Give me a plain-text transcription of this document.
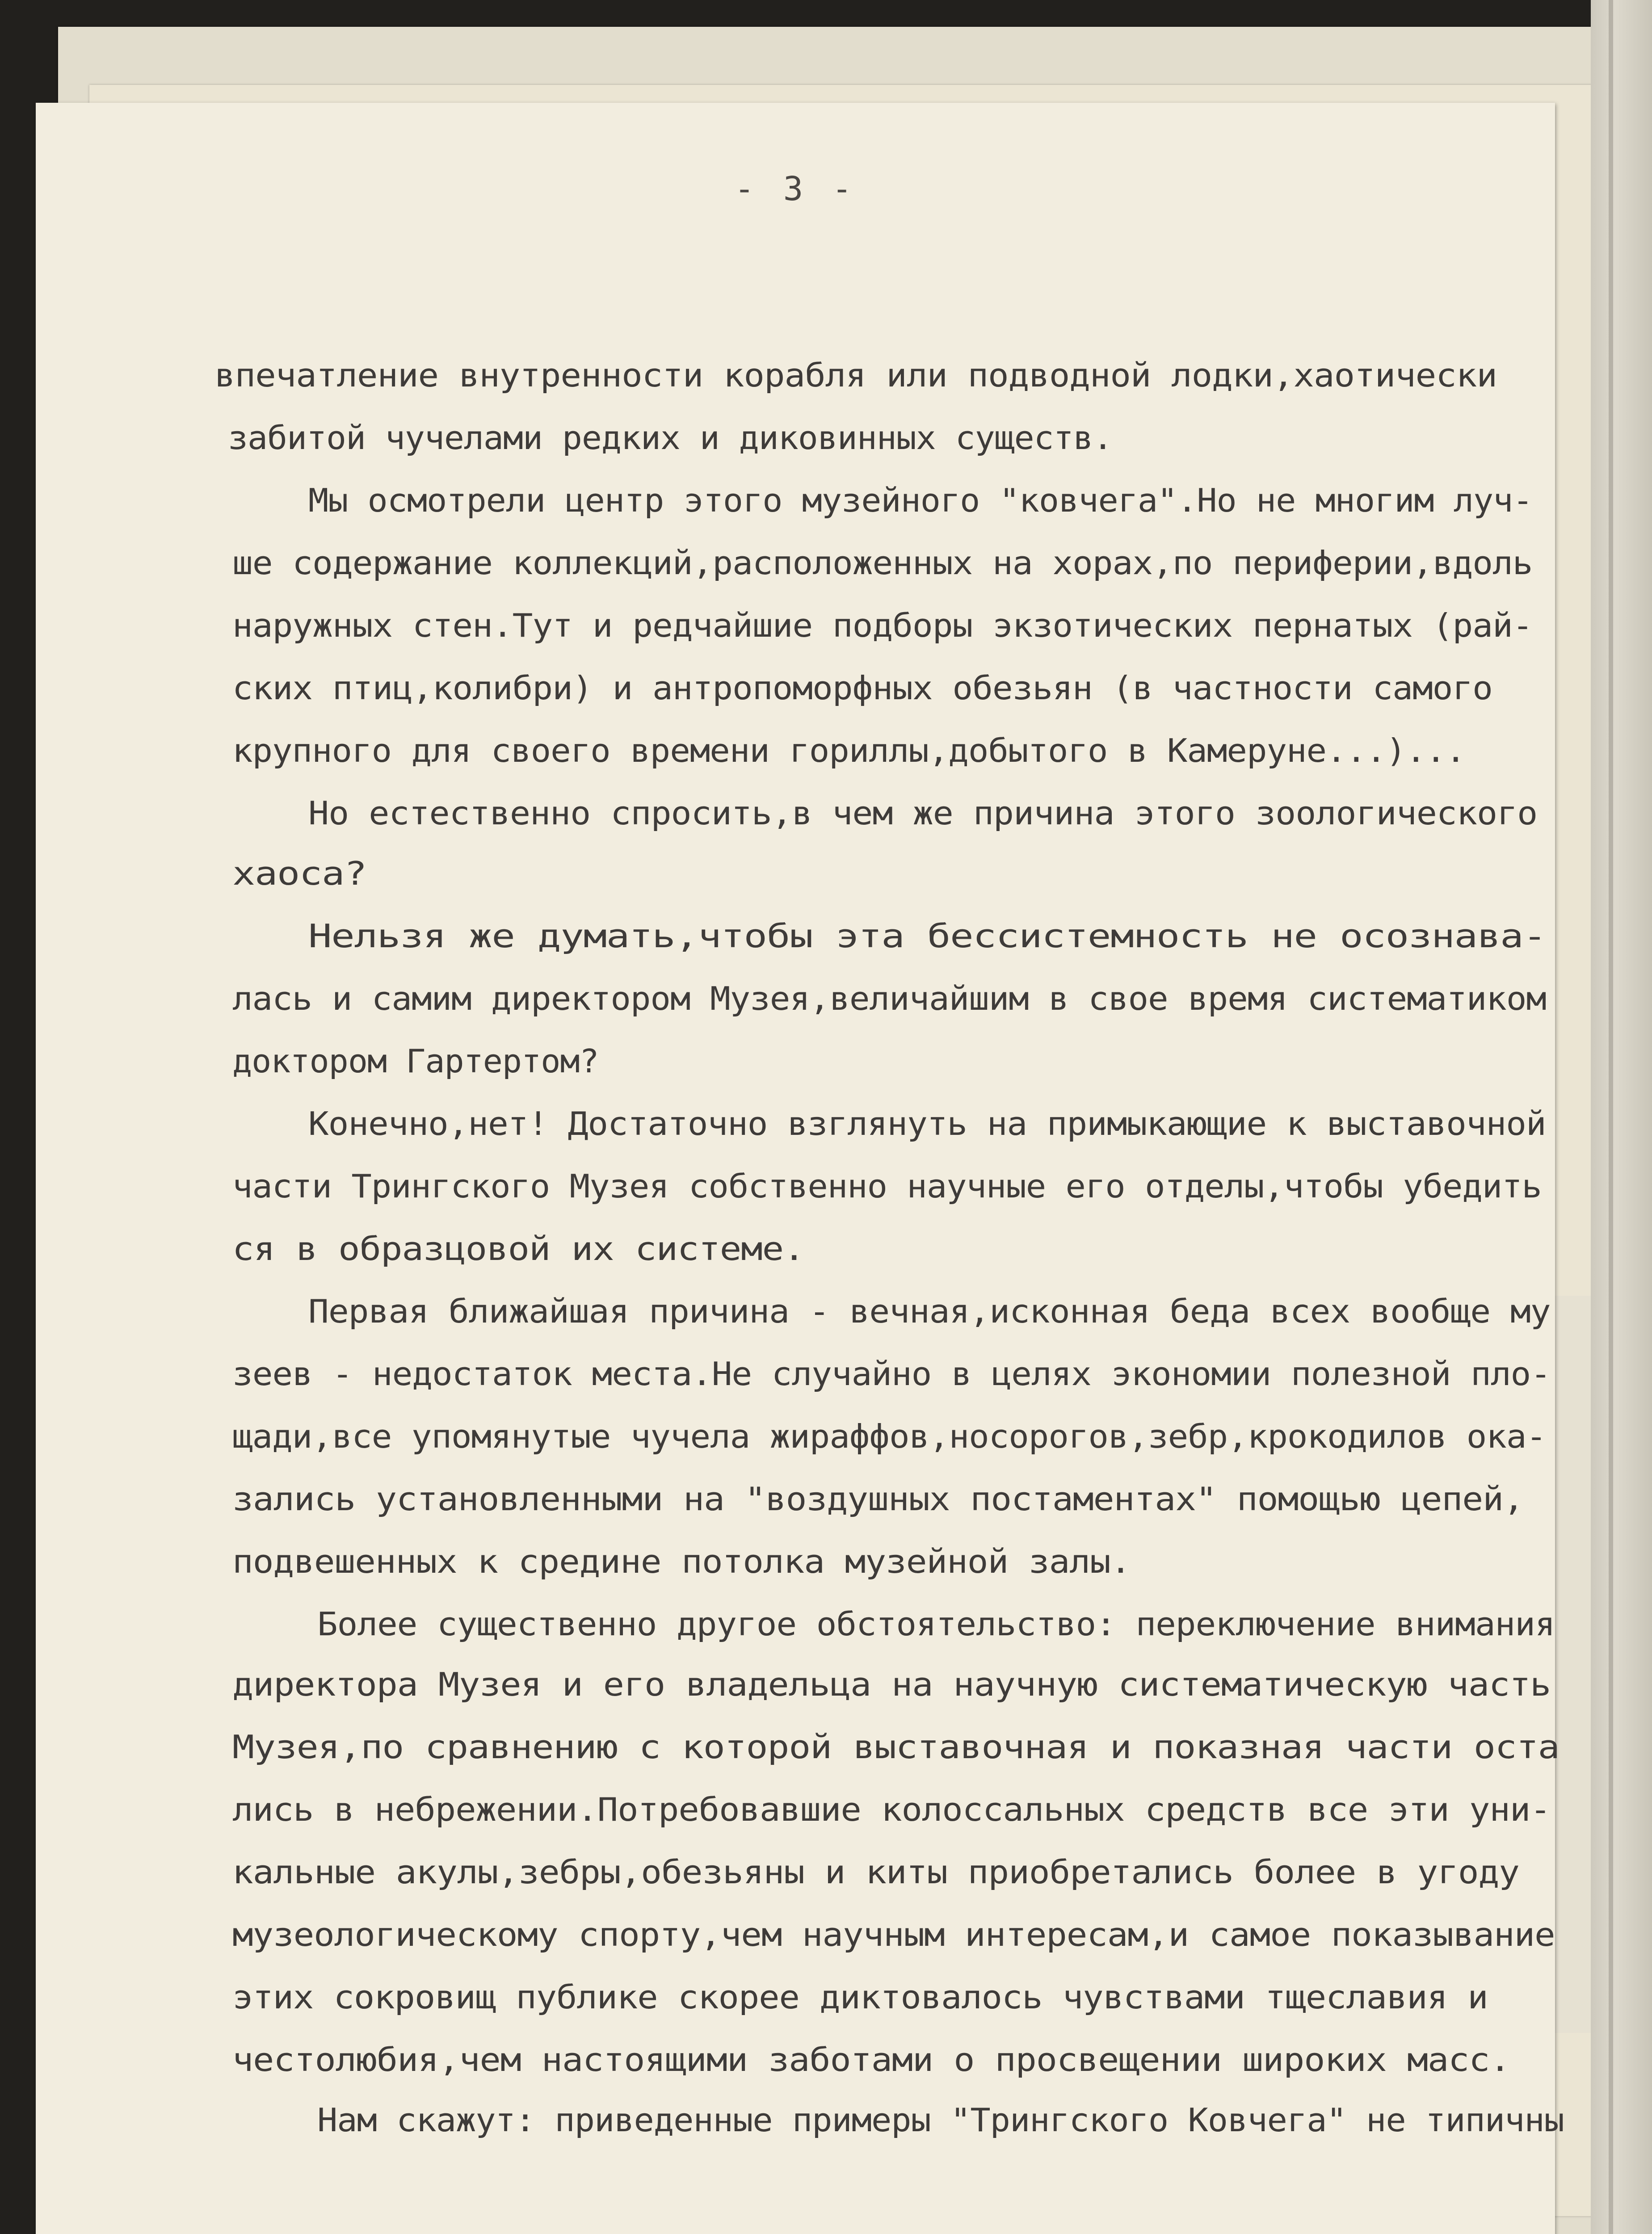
- 3 -
впечатление внутренности корабля или подводной лодки,хаотически
забитой чучелами редких и диковинных существ.
Мы осмотрели центр этого музейного "ковчега".Но не многим луч-
ше содержание коллекций,расположенных на хорах,по периферии,вдоль
наружных стен.Тут и редчайшие подборы экзотических пернатых (рай-
ских птиц,колибри) и антропоморфных обезьян (в частности самого
крупного для своего времени гориллы,добытого в Камеруне...)...
Но естественно спросить,в чем же причина этого зоологического
хаоса?
Нельзя же думать,чтобы эта бессистемность не осознава-
лась и самим директором Музея,величайшим в свое время систематиком
доктором Гартертом?
Конечно,нет! Достаточно взглянуть на примыкающие к выставочной
части Трингского Музея собственно научные его отделы,чтобы убедить
ся в образцовой их системе.
Первая ближайшая причина - вечная,исконная беда всех вообще му
зеев - недостаток места.Не случайно в целях экономии полезной пло-
щади,все упомянутые чучела жираффов,носорогов,зебр,крокодилов ока-
зались установленными на "воздушных постаментах" помощью цепей,
подвешенных к средине потолка музейной залы.
Более существенно другое обстоятельство: переключение внимания
директора Музея и его владельца на научную систематическую часть
Музея,по сравнению с которой выставочная и показная части оста
лись в небрежении.Потребовавшие колоссальных средств все эти уни-
кальные акулы,зебры,обезьяны и киты приобретались более в угоду
музеологическому спорту,чем научным интересам,и самое показывание
этих сокровищ публике скорее диктовалось чувствами тщеславия и
честолюбия,чем настоящими заботами о просвещении широких масс.
Нам скажут: приведенные примеры "Трингского Ковчега" не типичны
